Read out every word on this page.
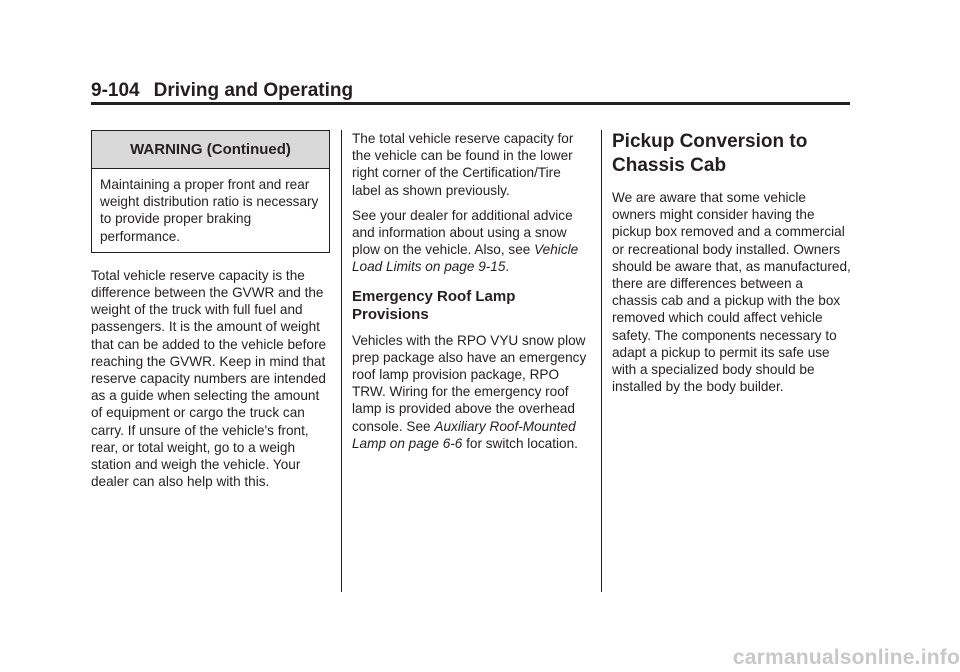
9-104 Driving and Operating
WARNING (Continued)
Maintaining a proper front and rear weight distribution ratio is necessary to provide proper braking performance.

Total vehicle reserve capacity is the difference between the GVWR and the weight of the truck with full fuel and passengers. It is the amount of weight that can be added to the vehicle before reaching the GVWR. Keep in mind that reserve capacity numbers are intended as a guide when selecting the amount of equipment or cargo the truck can carry. If unsure of the vehicle's front, rear, or total weight, go to a weigh station and weigh the vehicle. Your dealer can also help with this.

The total vehicle reserve capacity for the vehicle can be found in the lower right corner of the Certification/Tire label as shown previously.

See your dealer for additional advice and information about using a snow plow on the vehicle. Also, see Vehicle Load Limits on page 9-15.

Emergency Roof Lamp Provisions

Vehicles with the RPO VYU snow plow prep package also have an emergency roof lamp provision package, RPO TRW. Wiring for the emergency roof lamp is provided above the overhead console. See Auxiliary Roof-Mounted Lamp on page 6-6 for switch location.

Pickup Conversion to Chassis Cab

We are aware that some vehicle owners might consider having the pickup box removed and a commercial or recreational body installed. Owners should be aware that, as manufactured, there are differences between a chassis cab and a pickup with the box removed which could affect vehicle safety. The components necessary to adapt a pickup to permit its safe use with a specialized body should be installed by the body builder.

carmanualsonline.info
